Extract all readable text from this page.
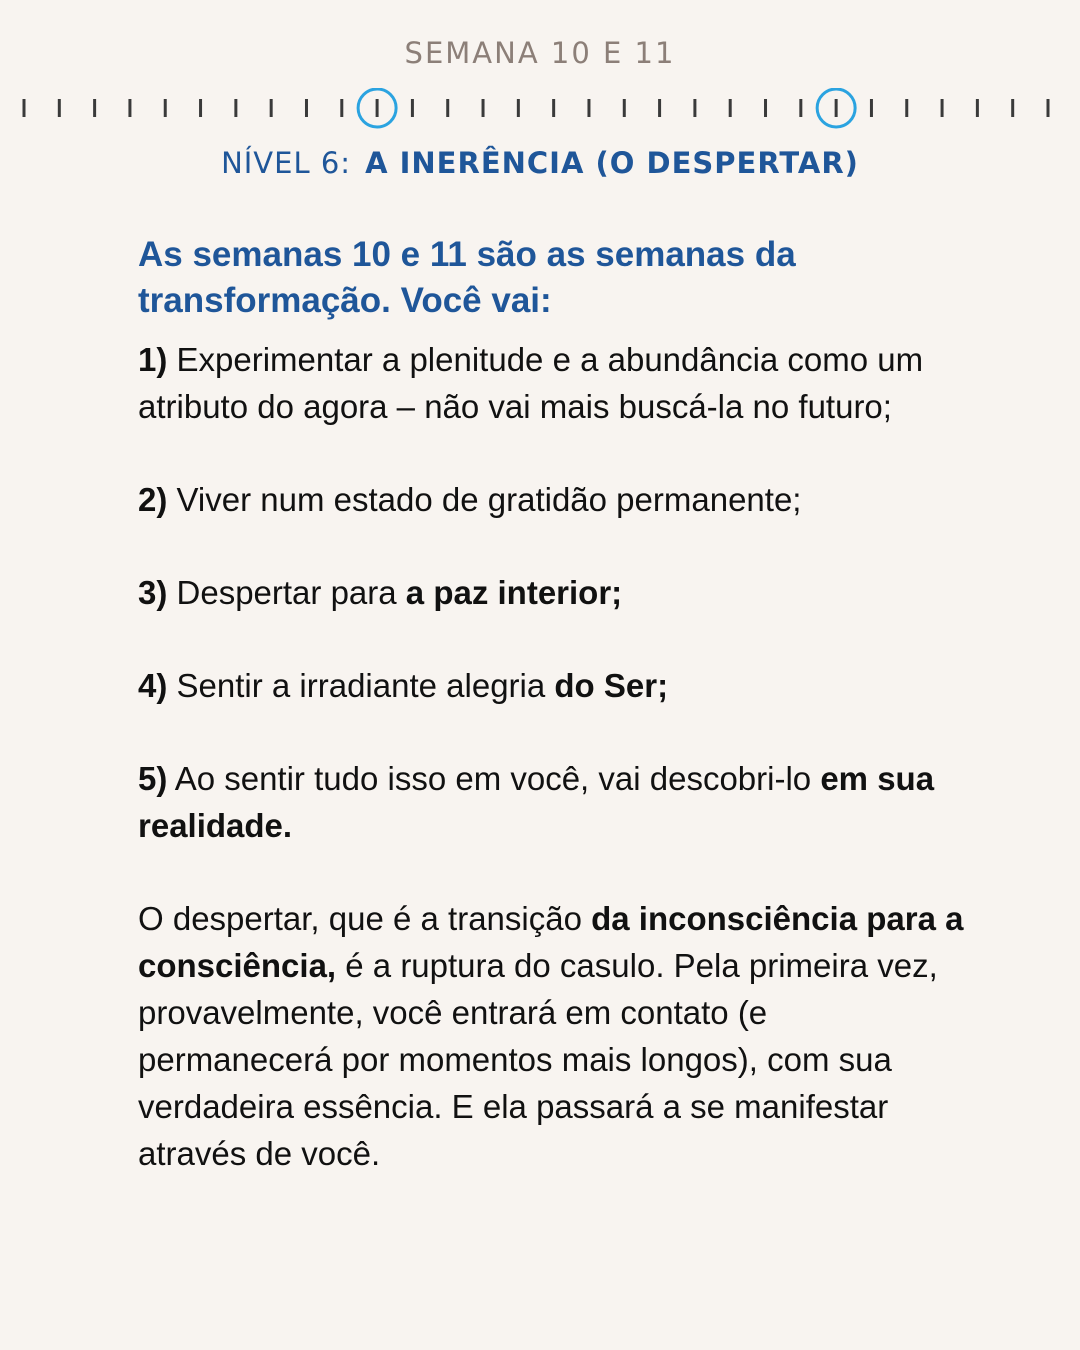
SEMANA 10 E 11
NÍVEL 6: A INERÊNCIA (O DESPERTAR)

As semanas 10 e 11 são as semanas da transformação. Você vai:

1) Experimentar a plenitude e a abundância como um atributo do agora – não vai mais buscá-la no futuro;

2) Viver num estado de gratidão permanente;

3) Despertar para a paz interior;

4) Sentir a irradiante alegria do Ser;

5) Ao sentir tudo isso em você, vai descobri-lo em sua realidade.

O despertar, que é a transição da inconsciência para a consciência, é a ruptura do casulo. Pela primeira vez, provavelmente, você entrará em contato (e permanecerá por momentos mais longos), com sua verdadeira essência. E ela passará a se manifestar através de você.
